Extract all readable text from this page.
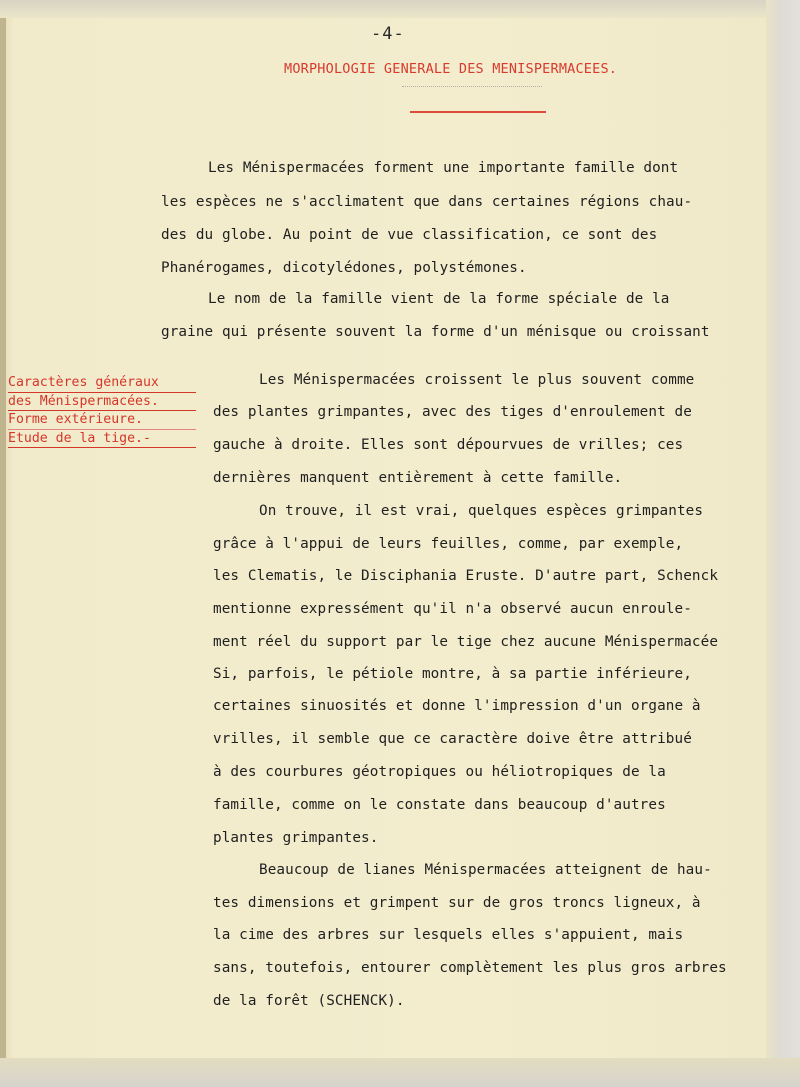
-4-
MORPHOLOGIE GENERALE DES MENISPERMACEES.
Caractères généraux
des Ménispermacées.
Forme extérieure.
Etude de la tige.-
Les Ménispermacées forment une importante famille dont
les espèces ne s'acclimatent que dans certaines régions chau-
des du globe. Au point de vue classification, ce sont des
Phanérogames, dicotylédones, polystémones.
Le nom de la famille vient de la forme spéciale de la
graine qui présente souvent la forme d'un ménisque ou croissant
Les Ménispermacées croissent le plus souvent comme
des plantes grimpantes, avec des tiges d'enroulement de
gauche à droite. Elles sont dépourvues de vrilles; ces
dernières manquent entièrement à cette famille.
On trouve, il est vrai, quelques espèces grimpantes
grâce à l'appui de leurs feuilles, comme, par exemple,
les Clematis, le Disciphania Eruste. D'autre part, Schenck
mentionne expressément qu'il n'a observé aucun enroule-
ment réel du support par le tige chez aucune Ménispermacée
Si, parfois, le pétiole montre, à sa partie inférieure,
certaines sinuosités et donne l'impression d'un organe à
vrilles, il semble que ce caractère doive être attribué
à des courbures géotropiques ou héliotropiques de la
famille, comme on le constate dans beaucoup d'autres
plantes grimpantes.
Beaucoup de lianes Ménispermacées atteignent de hau-
tes dimensions et grimpent sur de gros troncs ligneux, à
la cime des arbres sur lesquels elles s'appuient, mais
sans, toutefois, entourer complètement les plus gros arbres
de la forêt (SCHENCK).
